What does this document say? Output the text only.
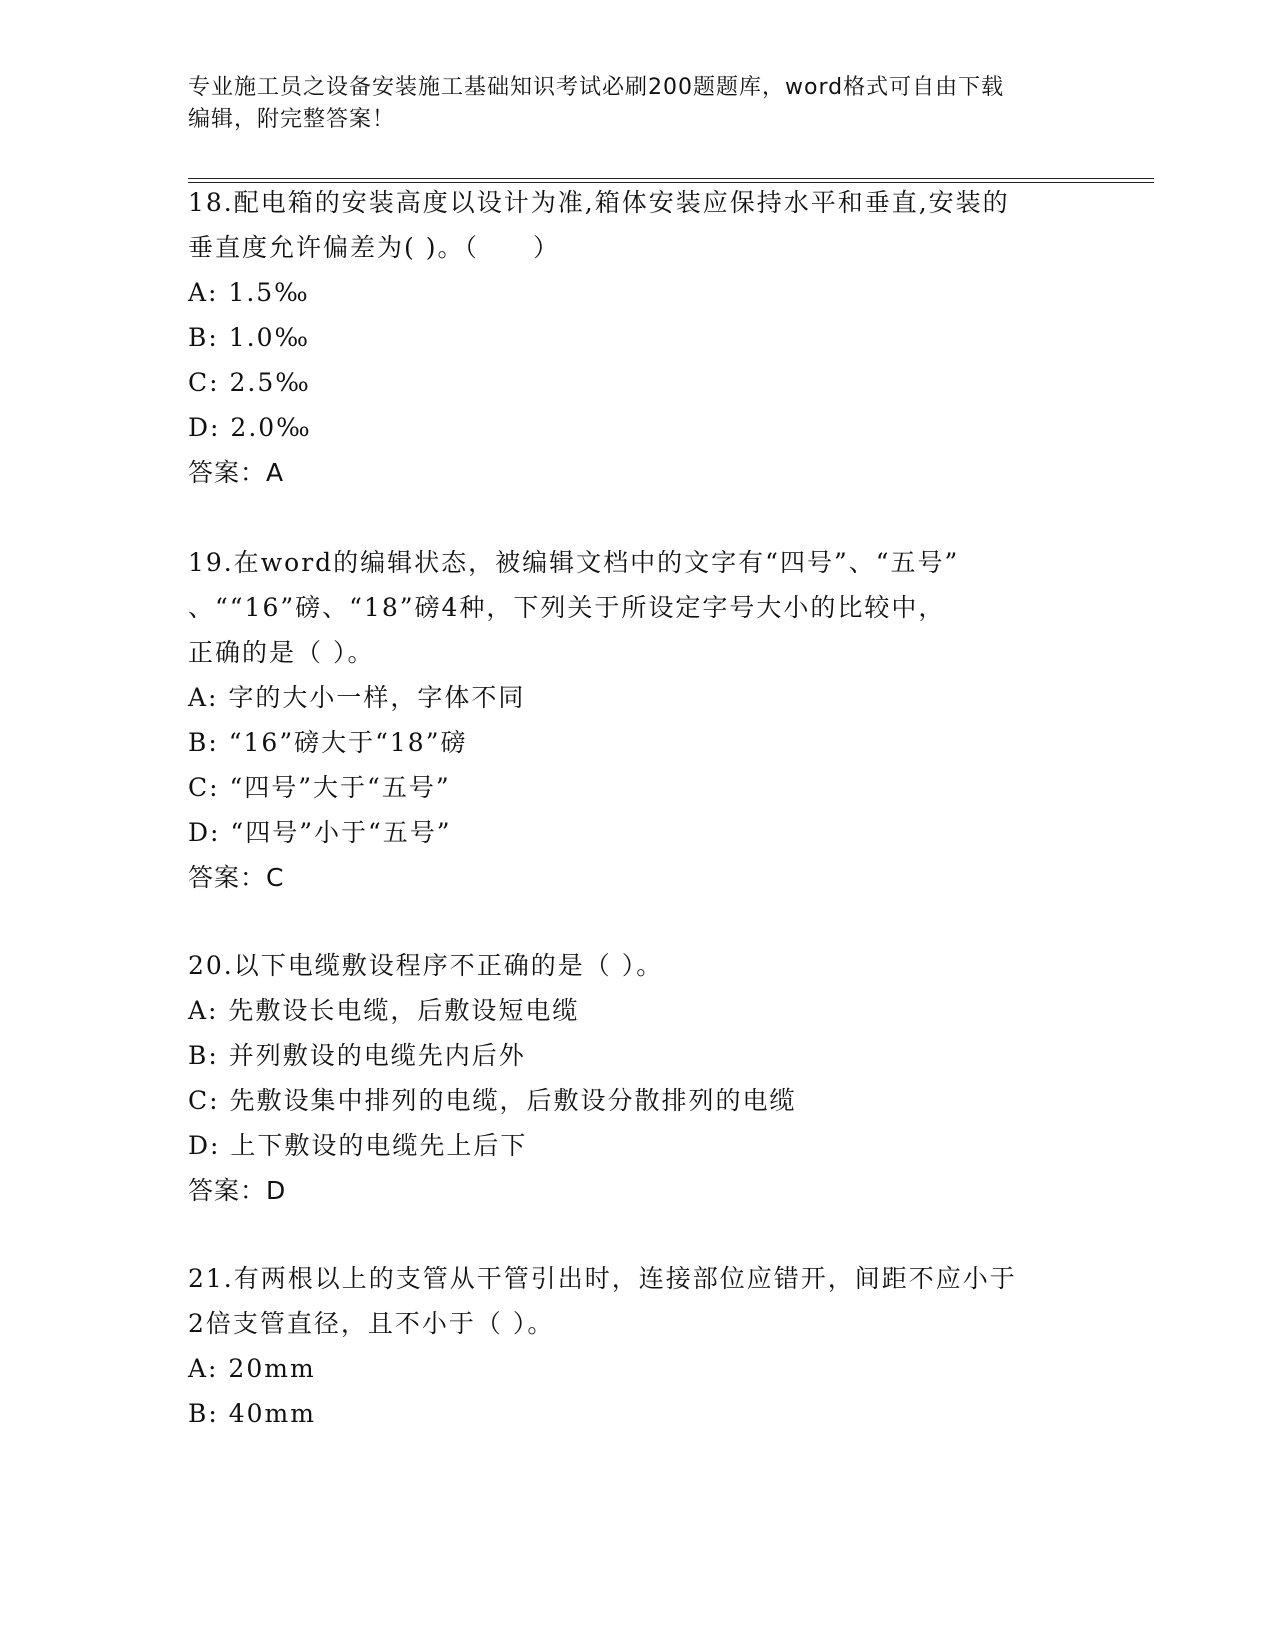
专业施工员之设备安装施工基础知识考试必刷200题题库，word格式可自由下载
编辑，附完整答案！
18.配电箱的安装高度以设计为准,箱体安装应保持水平和垂直,安装的
垂直度允许偏差为( )。（　　）
A: 1.5‰
B: 1.0‰
C: 2.5‰
D: 2.0‰
答案：A
19.在word的编辑状态，被编辑文档中的文字有“四号”、“五号”
、““16”磅、“18”磅4种，下列关于所设定字号大小的比较中，
正确的是（ ）。
A: 字的大小一样，字体不同
B: “16”磅大于“18”磅
C: “四号”大于“五号”
D: “四号”小于“五号”
答案：C
20.以下电缆敷设程序不正确的是（ ）。
A: 先敷设长电缆，后敷设短电缆
B: 并列敷设的电缆先内后外
C: 先敷设集中排列的电缆，后敷设分散排列的电缆
D: 上下敷设的电缆先上后下
答案：D
21.有两根以上的支管从干管引出时，连接部位应错开，间距不应小于
2倍支管直径，且不小于（ ）。
A: 20mm
B: 40mm
